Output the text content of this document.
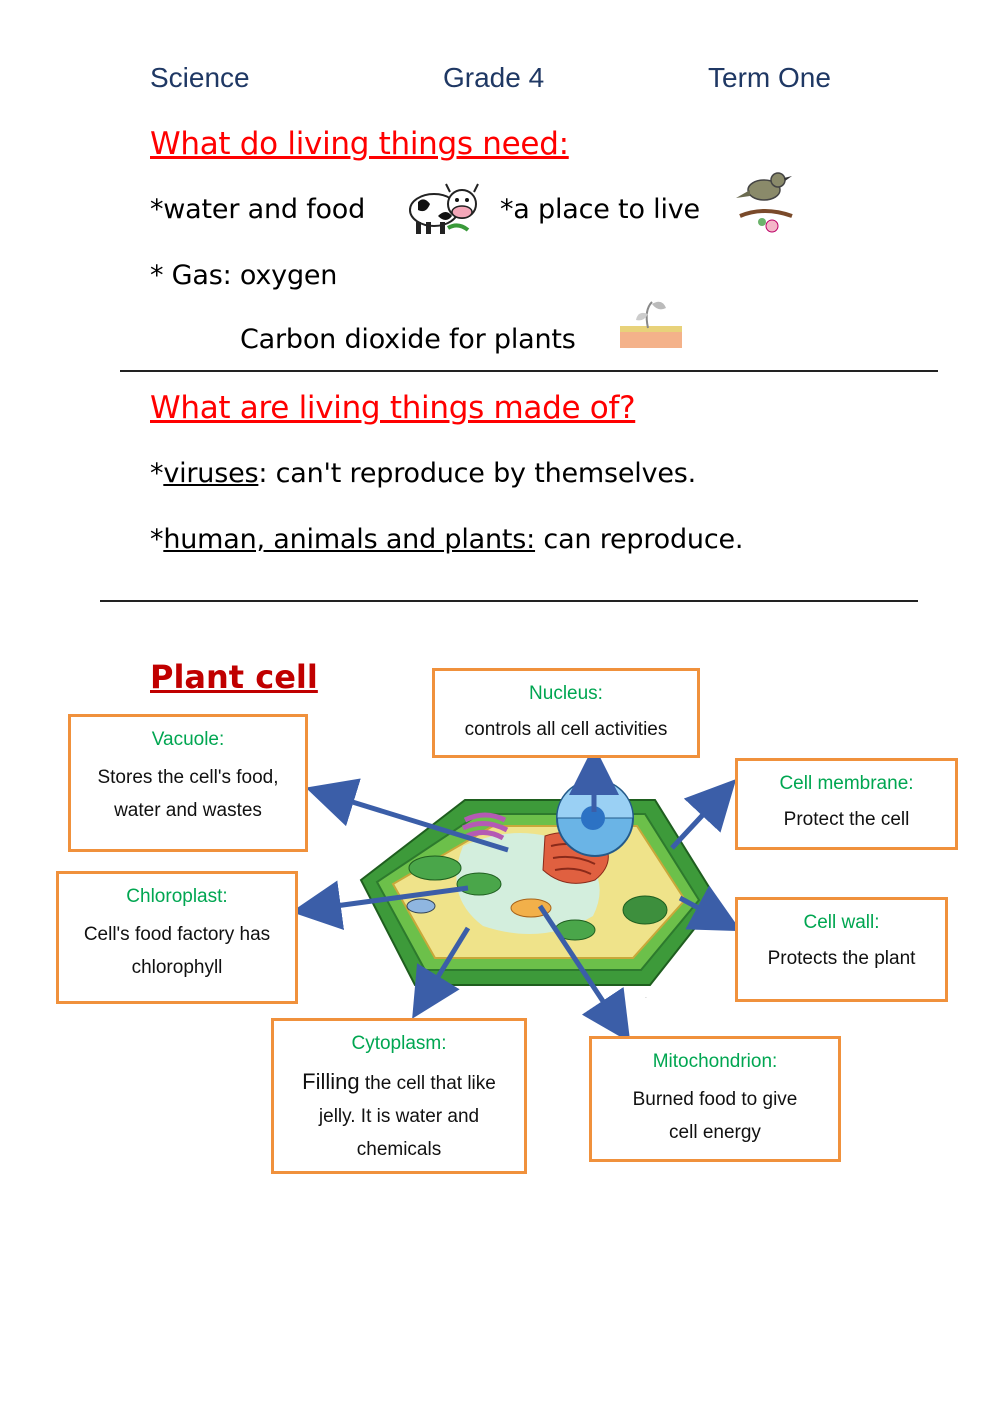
Science	Grade 4	Term One
What do living things need:
*water and food	*a place to live
* Gas: oxygen
Carbon dioxide for plants
What are living things made of?
*viruses: can't reproduce by themselves.
*human, animals and plants: can reproduce.
Plant cell
·
Vacuole:
Stores the cell's food,
water and wastes
Nucleus:
controls all cell activities
Cell membrane:
Protect the cell
Chloroplast:
Cell's food factory has
chlorophyll
Cell wall:
Protects the plant
Cytoplasm:
Filling the cell that like
jelly. It is water and
chemicals
Mitochondrion:
Burned food to give
cell energy
